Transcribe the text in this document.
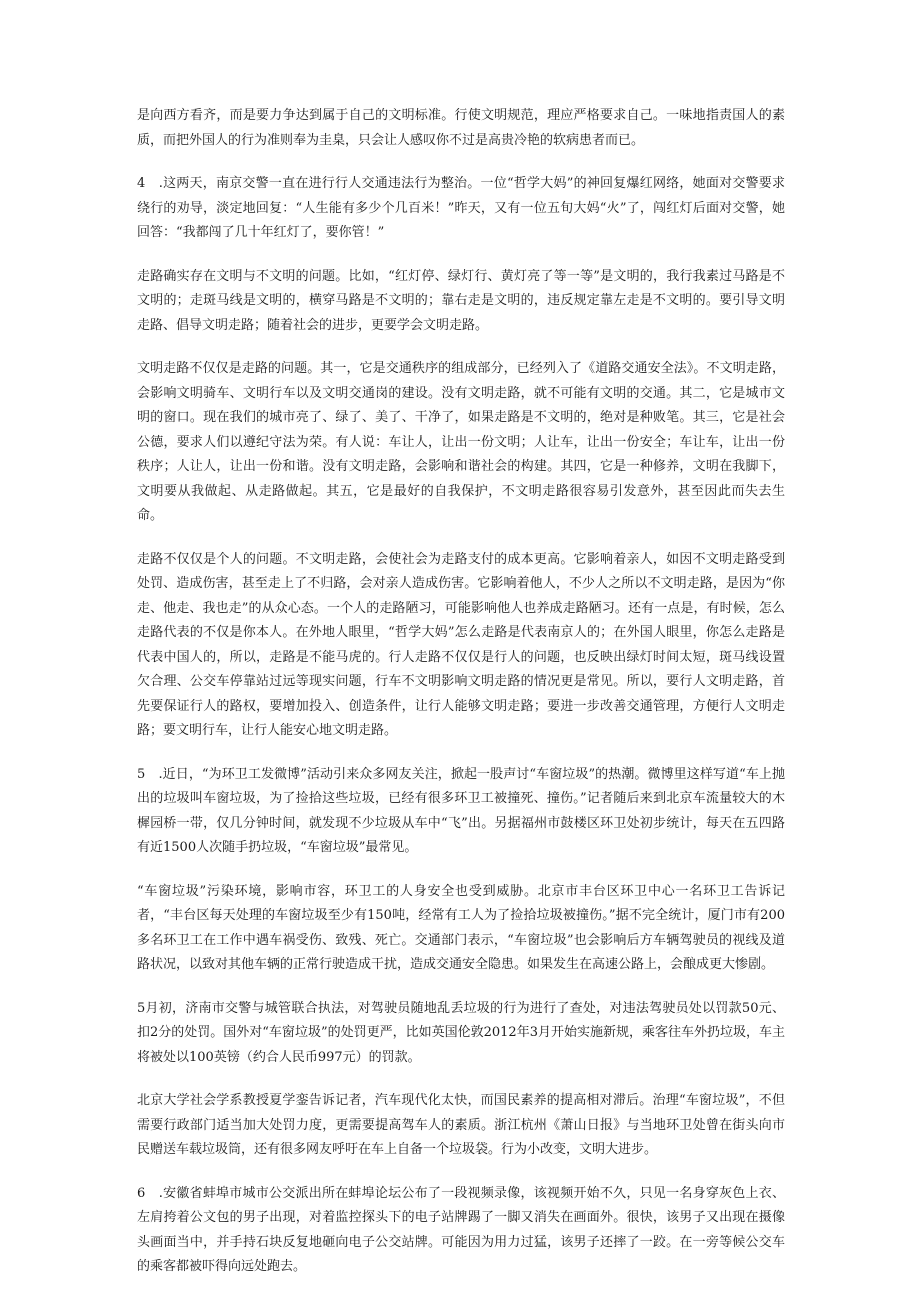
是向西方看齐，而是要力争达到属于自己的文明标准。行使文明规范，理应严格要求自己。一味地指责国人的素质，而把外国人的行为准则奉为圭臬，只会让人感叹你不过是高贵冷艳的软病患者而已。

4　.这两天，南京交警一直在进行行人交通违法行为整治。一位“哲学大妈”的神回复爆红网络，她面对交警要求绕行的劝导，淡定地回复：“人生能有多少个几百米！”昨天，又有一位五旬大妈“火”了，闯红灯后面对交警，她回答：“我都闯了几十年红灯了，要你管！”

走路确实存在文明与不文明的问题。比如，“红灯停、绿灯行、黄灯亮了等一等”是文明的，我行我素过马路是不文明的；走斑马线是文明的，横穿马路是不文明的；靠右走是文明的，违反规定靠左走是不文明的。要引导文明走路、倡导文明走路；随着社会的进步，更要学会文明走路。

文明走路不仅仅是走路的问题。其一，它是交通秩序的组成部分，已经列入了《道路交通安全法》。不文明走路，会影响文明骑车、文明行车以及文明交通岗的建设。没有文明走路，就不可能有文明的交通。其二，它是城市文明的窗口。现在我们的城市亮了、绿了、美了、干净了，如果走路是不文明的，绝对是种败笔。其三，它是社会公德，要求人们以遵纪守法为荣。有人说：车让人，让出一份文明；人让车，让出一份安全；车让车，让出一份秩序；人让人，让出一份和谐。没有文明走路，会影响和谐社会的构建。其四，它是一种修养，文明在我脚下，文明要从我做起、从走路做起。其五，它是最好的自我保护，不文明走路很容易引发意外，甚至因此而失去生命。

走路不仅仅是个人的问题。不文明走路，会使社会为走路支付的成本更高。它影响着亲人，如因不文明走路受到处罚、造成伤害，甚至走上了不归路，会对亲人造成伤害。它影响着他人，不少人之所以不文明走路，是因为“你走、他走、我也走”的从众心态。一个人的走路陋习，可能影响他人也养成走路陋习。还有一点是，有时候，怎么走路代表的不仅是你本人。在外地人眼里，“哲学大妈”怎么走路是代表南京人的；在外国人眼里，你怎么走路是代表中国人的，所以，走路是不能马虎的。行人走路不仅仅是行人的问题，也反映出绿灯时间太短，斑马线设置欠合理、公交车停靠站过远等现实问题，行车不文明影响文明走路的情况更是常见。所以，要行人文明走路，首先要保证行人的路权，要增加投入、创造条件，让行人能够文明走路；要进一步改善交通管理，方便行人文明走路；要文明行车，让行人能安心地文明走路。

5　.近日，“为环卫工发微博”活动引来众多网友关注，掀起一股声讨“车窗垃圾”的热潮。微博里这样写道“车上抛出的垃圾叫车窗垃圾，为了捡拾这些垃圾，已经有很多环卫工被撞死、撞伤。”记者随后来到北京车流量较大的木樨园桥一带，仅几分钟时间，就发现不少垃圾从车中“飞”出。另据福州市鼓楼区环卫处初步统计，每天在五四路有近1500人次随手扔垃圾，“车窗垃圾”最常见。

“车窗垃圾”污染环境，影响市容，环卫工的人身安全也受到威胁。北京市丰台区环卫中心一名环卫工告诉记者，“丰台区每天处理的车窗垃圾至少有150吨，经常有工人为了捡拾垃圾被撞伤。”据不完全统计，厦门市有200多名环卫工在工作中遇车祸受伤、致残、死亡。交通部门表示，“车窗垃圾”也会影响后方车辆驾驶员的视线及道路状况，以致对其他车辆的正常行驶造成干扰，造成交通安全隐患。如果发生在高速公路上，会酿成更大惨剧。

5月初，济南市交警与城管联合执法，对驾驶员随地乱丢垃圾的行为进行了查处，对违法驾驶员处以罚款50元、扣2分的处罚。国外对“车窗垃圾”的处罚更严，比如英国伦敦2012年3月开始实施新规，乘客往车外扔垃圾，车主将被处以100英镑（约合人民币997元）的罚款。

北京大学社会学系教授夏学銮告诉记者，汽车现代化太快，而国民素养的提高相对滞后。治理“车窗垃圾”，不但需要行政部门适当加大处罚力度，更需要提高驾车人的素质。浙江杭州《萧山日报》与当地环卫处曾在街头向市民赠送车载垃圾筒，还有很多网友呼吁在车上自备一个垃圾袋。行为小改变，文明大进步。

6　.安徽省蚌埠市城市公交派出所在蚌埠论坛公布了一段视频录像，该视频开始不久，只见一名身穿灰色上衣、左肩挎着公文包的男子出现，对着监控探头下的电子站牌踢了一脚又消失在画面外。很快，该男子又出现在摄像头画面当中，并手持石块反复地砸向电子公交站牌。可能因为用力过猛，该男子还摔了一跤。在一旁等候公交车的乘客都被吓得向远处跑去。
